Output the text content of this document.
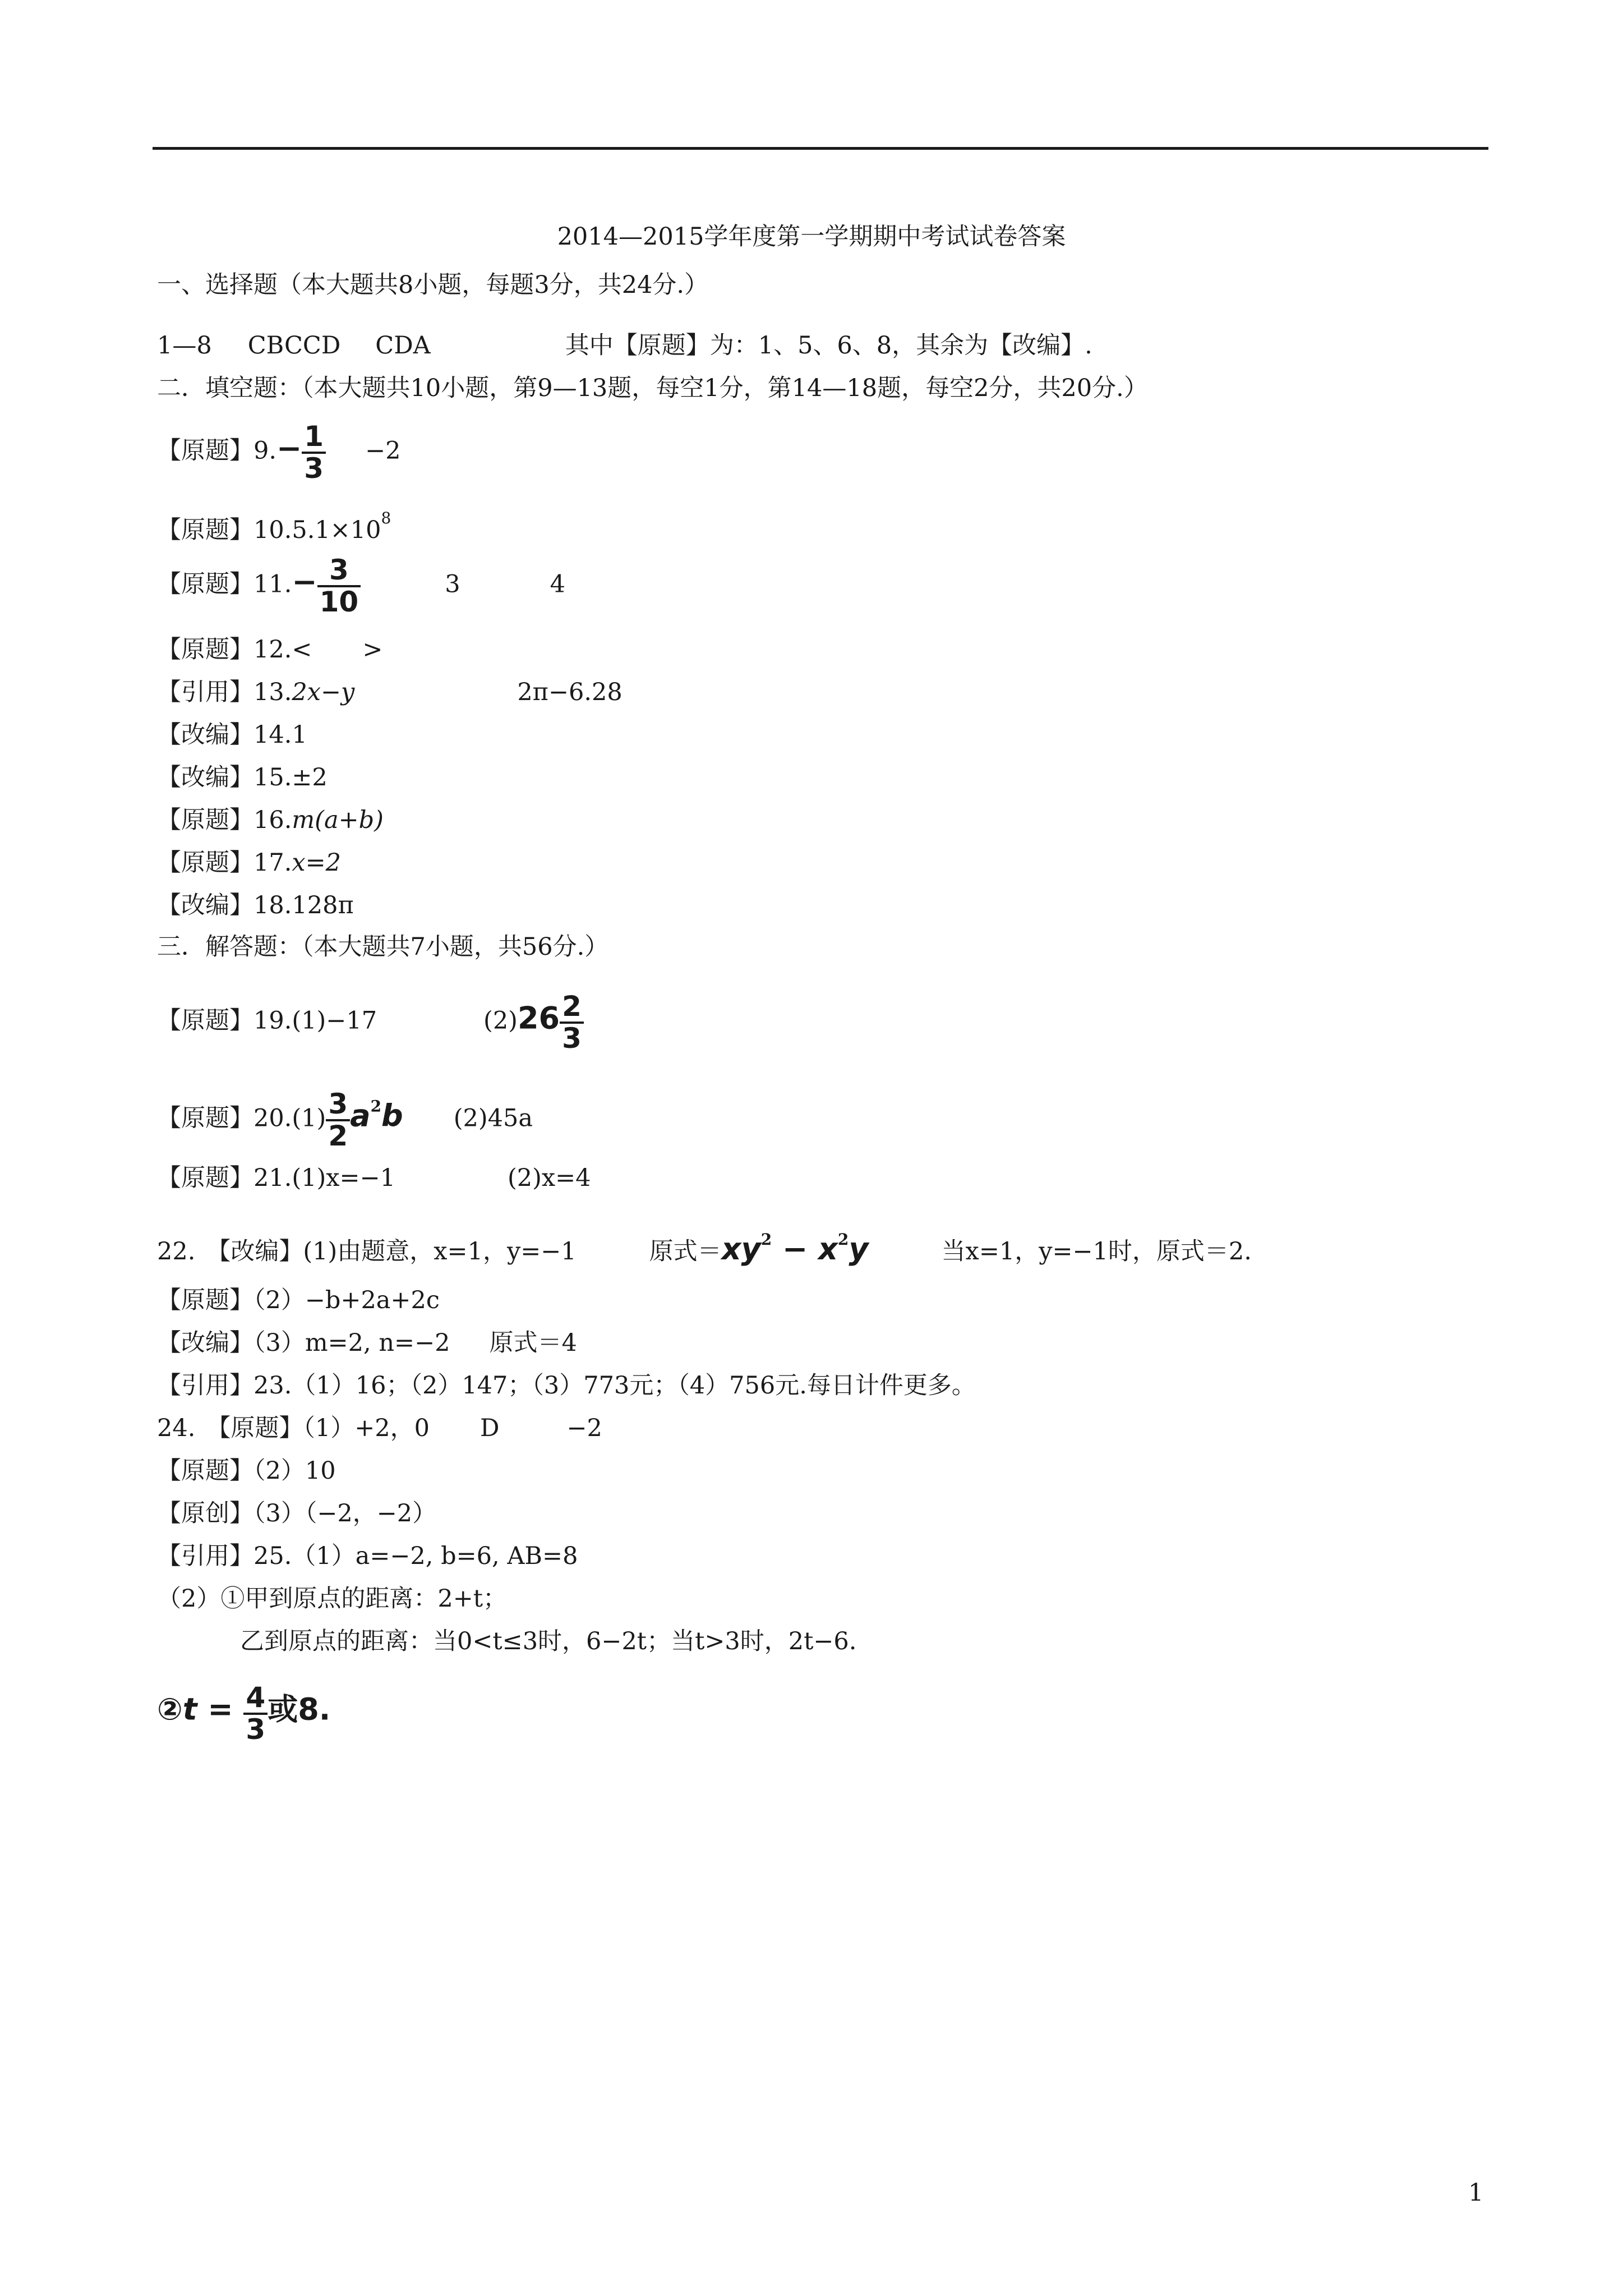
2014—2015学年度第一学期期中考试试卷答案
一、选择题（本大题共8小题，每题3分，共24分.）
1—8 CBCCD CDA	其中【原题】为：1、5、6、8，其余为【改编】.
二．填空题：（本大题共10小题，第9—13题，每空1分，第14—18题，每空2分，共20分.）
【原题】$9.- \frac{1}{3} -2$
【原题】$10.5.1\times 10^8$
【原题】$11.- \frac{3}{10}$	3	4
【原题】12.< >
【引用】13.2x−y	2π−6.28
【改编】14.1
【改编】15.±2
【原题】16.m(a+b)
【原题】17.x=2
【改编】18.128π
三．解答题：（本大题共7小题，共56分.）
【原题】19.(1)−17	$(2)26 \frac{2}{3}$
【原题】$20.(1) \frac{3}{2} a^2b$ (2)45a
【原题】21.(1)x=−1	(2)x=4
22. 【改编】(1)由题意，x=1，y=−1	原式$=xy^2 - x^2y$	当x=1，y=−1时，原式＝2.
【原题】（2）−b+2a+2c
【改编】（3）m=2, n=−2 原式＝4
【引用】23.（1）16；（2）147；（3）773元；（4）756元.每日计件更多。
24. 【原题】（1）+2，0 D	−2
【原题】（2）10
【原创】（3）（−2，−2）
【引用】25.（1）a=−2, b=6, AB=8
（2）①甲到原点的距离：2+t；
乙到原点的距离：当0<t≤3时，6−2t；当t>3时，2t−6.
②t = $\frac{4}{3}$ 或8.
1
